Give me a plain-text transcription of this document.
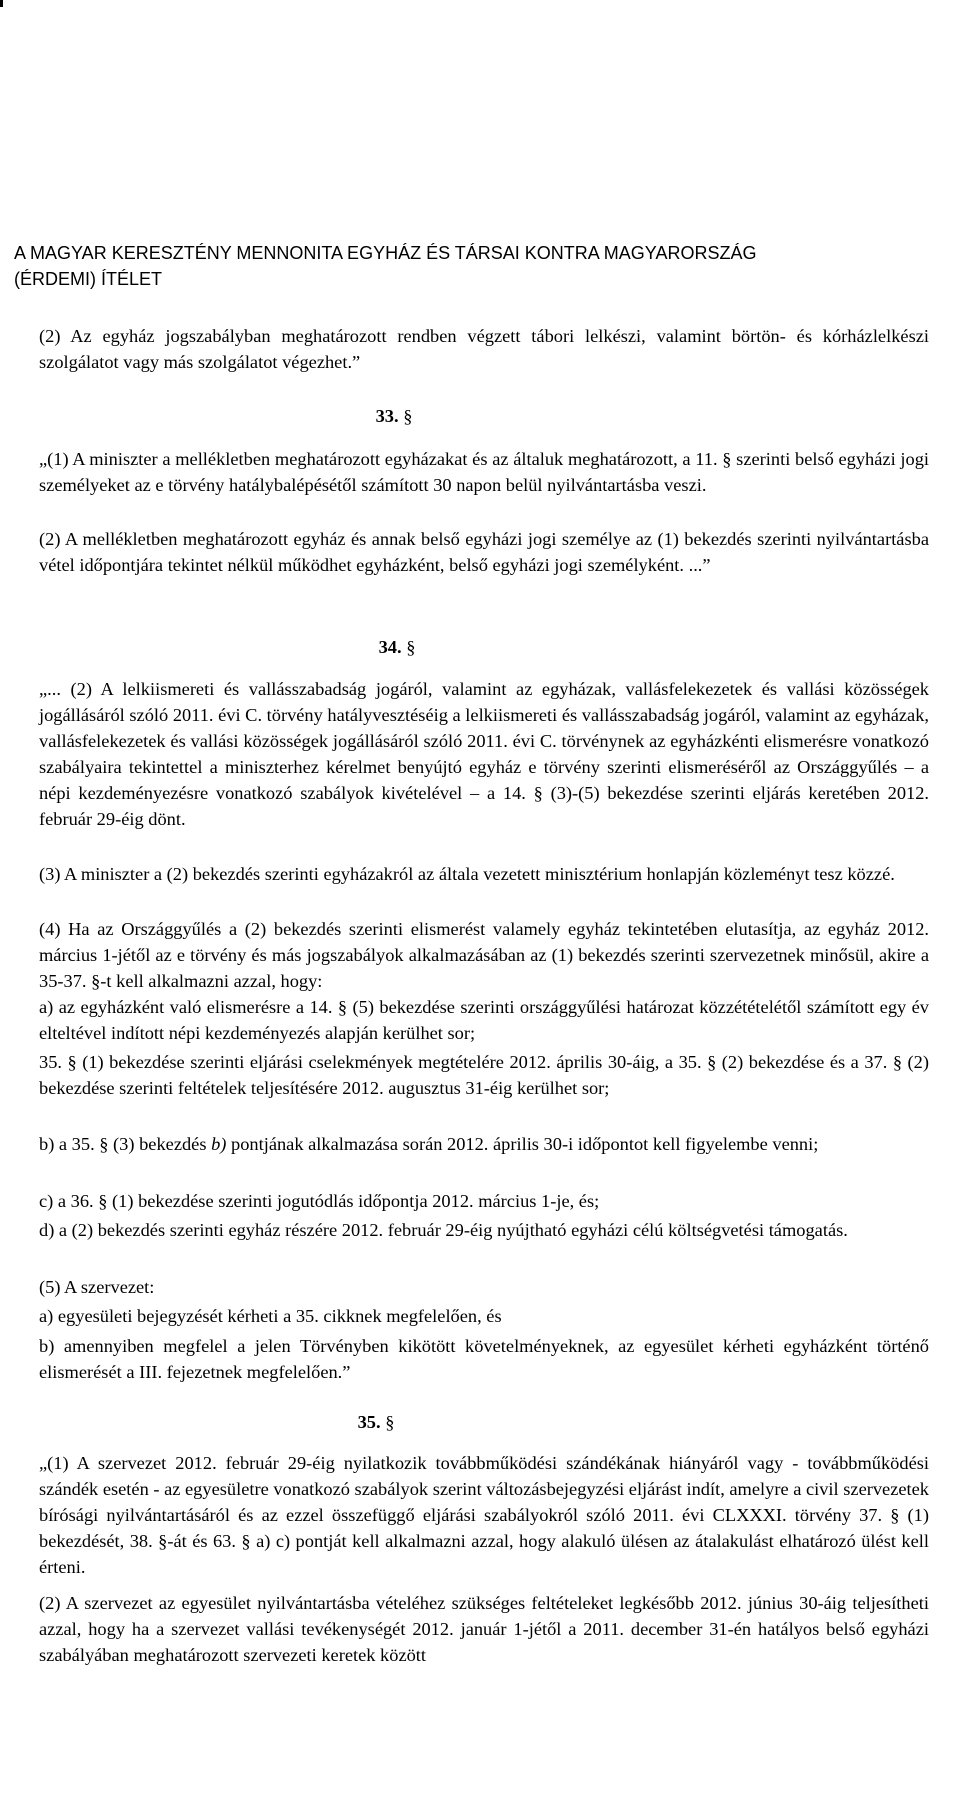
A MAGYAR KERESZTÉNY MENNONITA EGYHÁZ ÉS TÁRSAI KONTRA MAGYARORSZÁG

(ÉRDEMI) ÍTÉLET

(2) Az egyház jogszabályban meghatározott rendben végzett tábori lelkészi, valamint börtön- és kórházlelkészi szolgálatot vagy más szolgálatot végezhet.”

33. §

„(1) A miniszter a mellékletben meghatározott egyházakat és az általuk meghatározott, a 11. § szerinti belső egyházi jogi személyeket az e törvény hatálybalépésétől számított 30 napon belül nyilvántartásba veszi.

(2) A mellékletben meghatározott egyház és annak belső egyházi jogi személye az (1) bekezdés szerinti nyilvántartásba vétel időpontjára tekintet nélkül működhet egyházként, belső egyházi jogi személyként. ...”

34. §

„... (2) A lelkiismereti és vallásszabadság jogáról, valamint az egyházak, vallásfelekezetek és vallási közösségek jogállásáról szóló 2011. évi C. törvény hatályvesztéséig a lelkiismereti és vallásszabadság jogáról, valamint az egyházak, vallásfelekezetek és vallási közösségek jogállásáról szóló 2011. évi C. törvénynek az egyházkénti elismerésre vonatkozó szabályaira tekintettel a miniszterhez kérelmet benyújtó egyház e törvény szerinti elismeréséről az Országgyűlés – a népi kezdeményezésre vonatkozó szabályok kivételével – a 14. § (3)-(5) bekezdése szerinti eljárás keretében 2012. február 29-éig dönt.

(3) A miniszter a (2) bekezdés szerinti egyházakról az általa vezetett minisztérium honlapján közleményt tesz közzé.

(4) Ha az Országgyűlés a (2) bekezdés szerinti elismerést valamely egyház tekintetében elutasítja, az egyház 2012. március 1-jétől az e törvény és más jogszabályok alkalmazásában az (1) bekezdés szerinti szervezetnek minősül, akire a 35-37. §-t kell alkalmazni azzal, hogy:

a) az egyházként való elismerésre a 14. § (5) bekezdése szerinti országgyűlési határozat közzétételétől számított egy év elteltével indított népi kezdeményezés alapján kerülhet sor;

35. § (1) bekezdése szerinti eljárási cselekmények megtételére 2012. április 30-áig, a 35. § (2) bekezdése és a 37. § (2) bekezdése szerinti feltételek teljesítésére 2012. augusztus 31-éig kerülhet sor;

b) a 35. § (3) bekezdés b) pontjának alkalmazása során 2012. április 30-i időpontot kell figyelembe venni;

c) a 36. § (1) bekezdése szerinti jogutódlás időpontja 2012. március 1-je, és;

d) a (2) bekezdés szerinti egyház részére 2012. február 29-éig nyújtható egyházi célú költségvetési támogatás.

(5) A szervezet:

a) egyesületi bejegyzését kérheti a 35. cikknek megfelelően, és

b) amennyiben megfelel a jelen Törvényben kikötött követelményeknek, az egyesület kérheti egyházként történő elismerését a III. fejezetnek megfelelően.”

35. §

„(1) A szervezet 2012. február 29-éig nyilatkozik továbbműködési szándékának hiányáról vagy - továbbműködési szándék esetén - az egyesületre vonatkozó szabályok szerint változásbejegyzési eljárást indít, amelyre a civil szervezetek bírósági nyilvántartásáról és az ezzel összefüggő eljárási szabályokról szóló 2011. évi CLXXXI. törvény 37. § (1) bekezdését, 38. §-át és 63. § a) c) pontját kell alkalmazni azzal, hogy alakuló ülésen az átalakulást elhatározó ülést kell érteni.

(2) A szervezet az egyesület nyilvántartásba vételéhez szükséges feltételeket legkésőbb 2012. június 30-áig teljesítheti azzal, hogy ha a szervezet vallási tevékenységét 2012. január 1-jétől a 2011. december 31-én hatályos belső egyházi szabályában meghatározott szervezeti keretek között
